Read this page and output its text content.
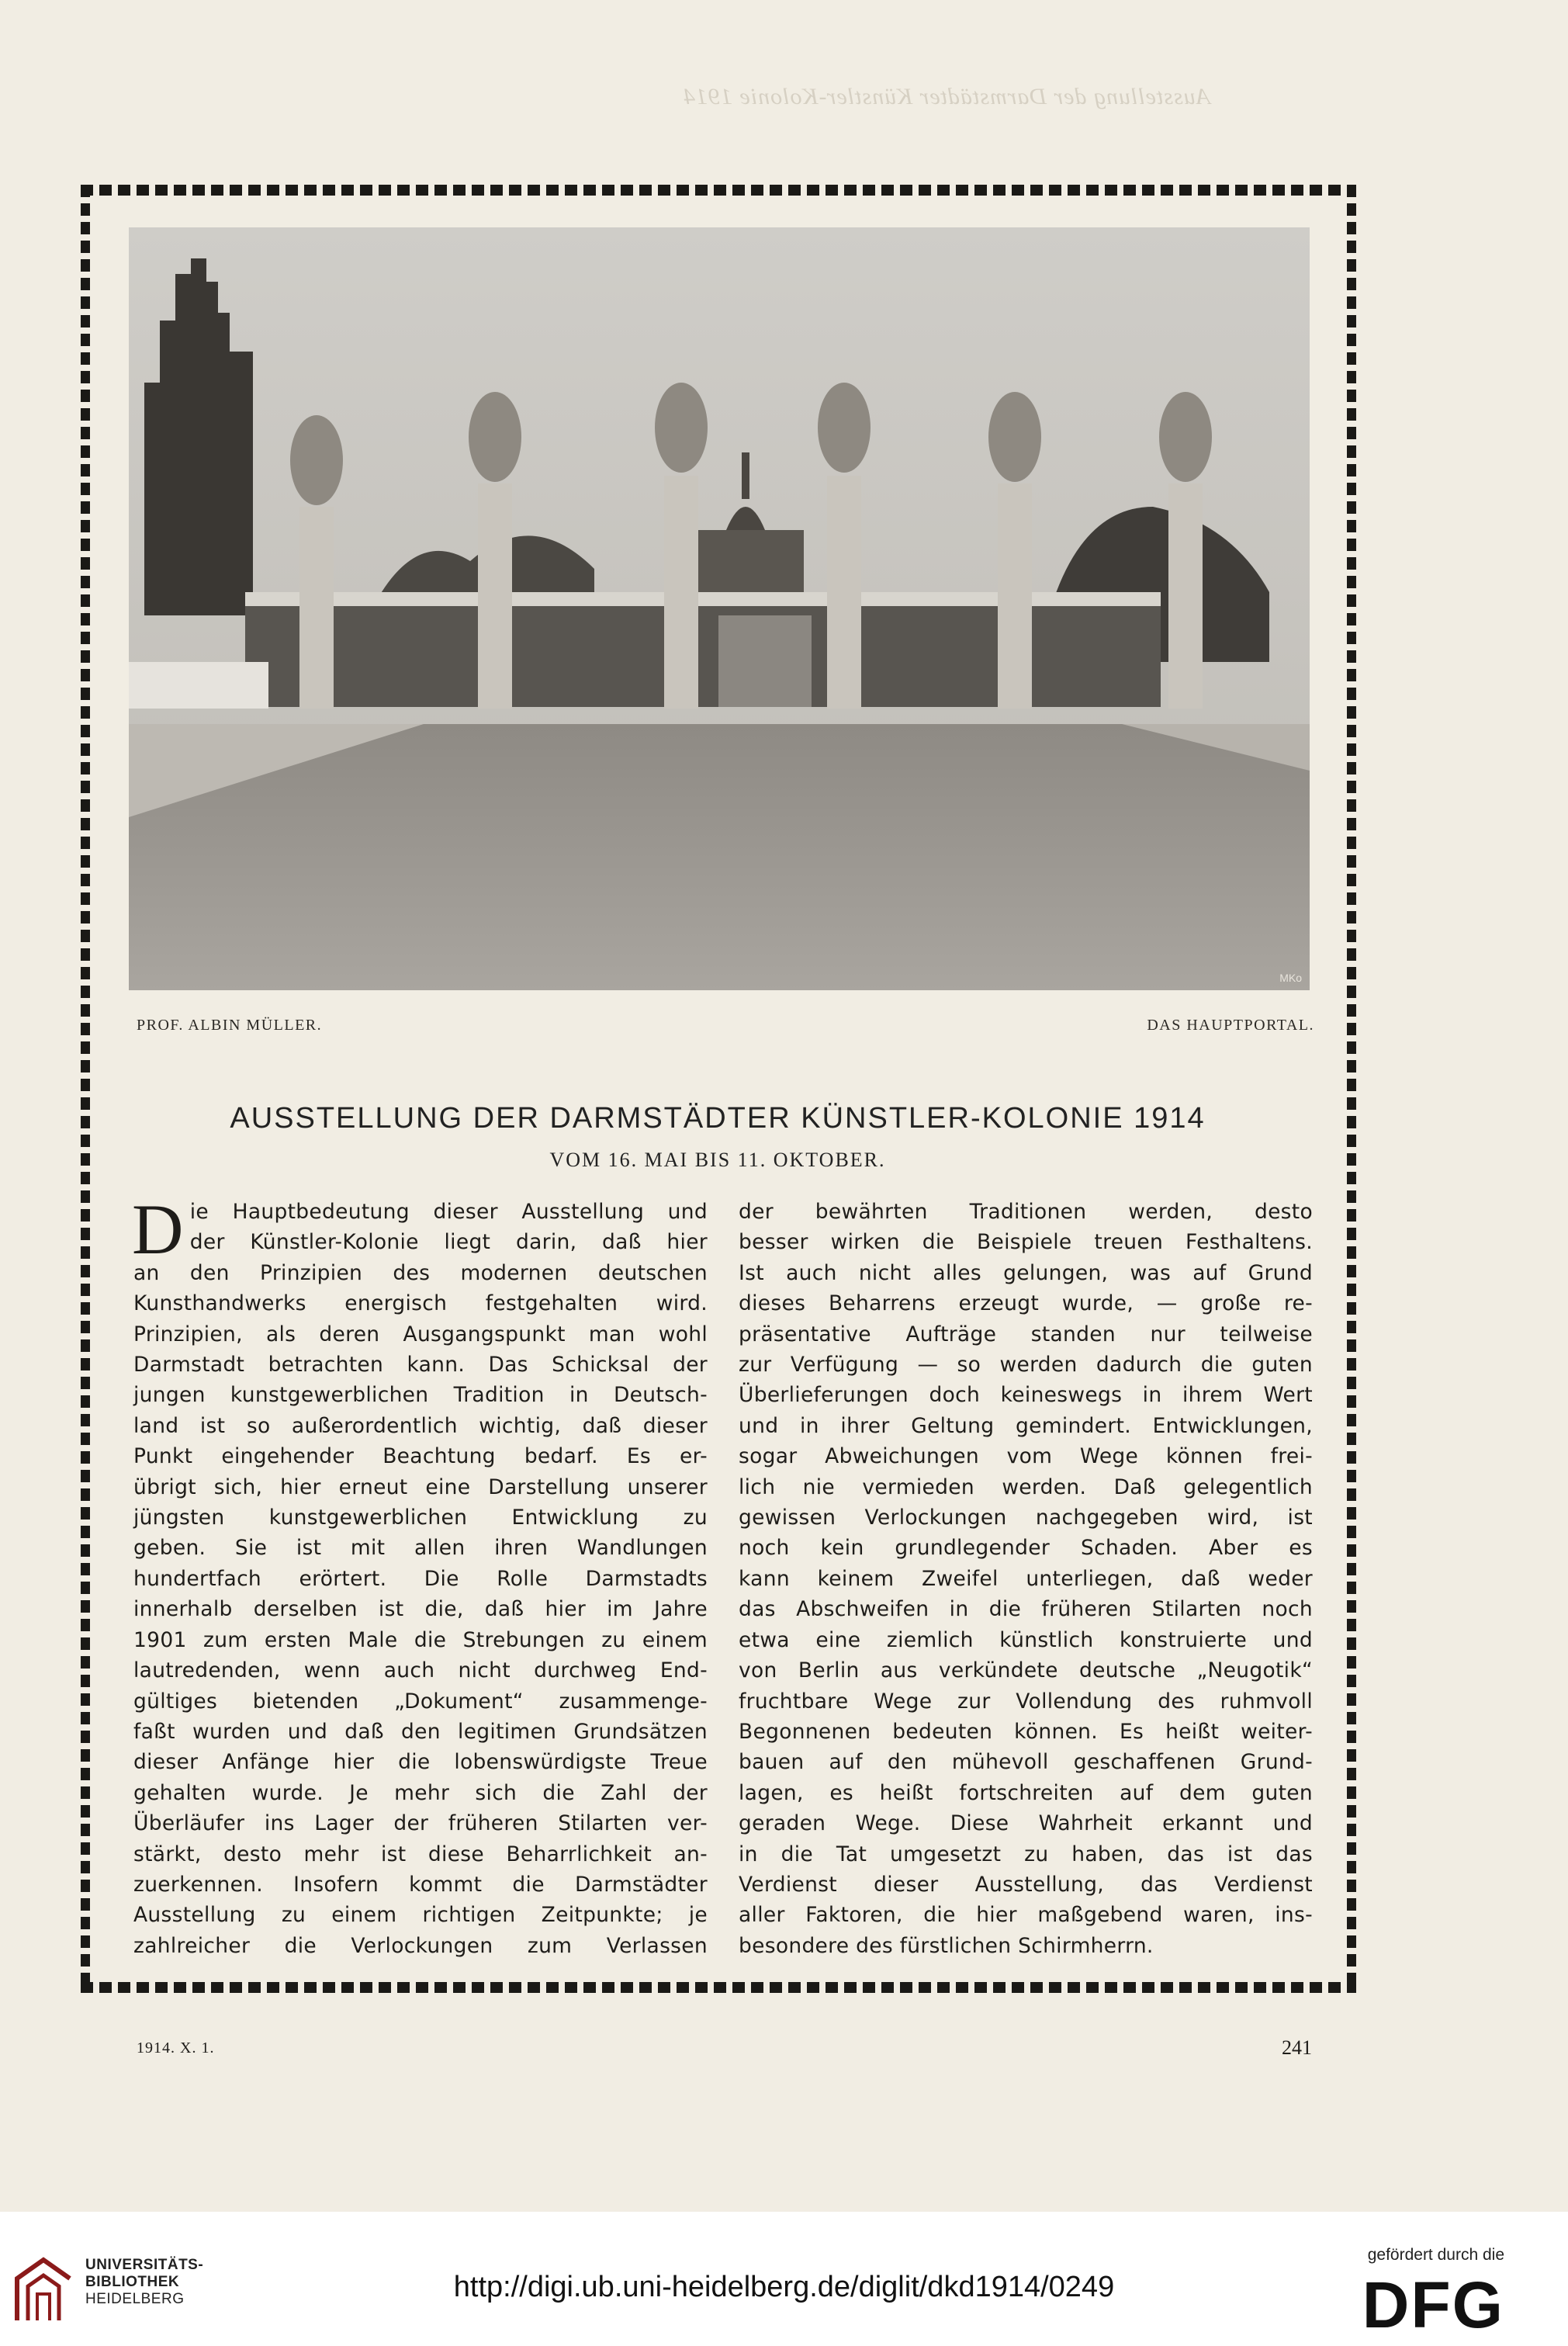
Ausstellung der Darmstädter Künstler-Kolonie 1914
MKo
PROF. ALBIN MÜLLER.	DAS HAUPTPORTAL.
AUSSTELLUNG DER DARMSTÄDTER KÜNSTLER-KOLONIE 1914
VOM 16. MAI BIS 11. OKTOBER.
D ie Hauptbedeutung dieser Ausstellung und
der Künstler-Kolonie liegt darin, daß hier
an den Prinzipien des modernen deutschen
Kunsthandwerks energisch festgehalten wird.
Prinzipien, als deren Ausgangspunkt man wohl
Darmstadt betrachten kann. Das Schicksal der
jungen kunstgewerblichen Tradition in Deutsch-
land ist so außerordentlich wichtig, daß dieser
Punkt eingehender Beachtung bedarf. Es er-
übrigt sich, hier erneut eine Darstellung unserer
jüngsten kunstgewerblichen Entwicklung zu
geben. Sie ist mit allen ihren Wandlungen
hundertfach erörtert. Die Rolle Darmstadts
innerhalb derselben ist die, daß hier im Jahre
1901 zum ersten Male die Strebungen zu einem
lautredenden, wenn auch nicht durchweg End-
gültiges bietenden „Dokument“ zusammenge-
faßt wurden und daß den legitimen Grundsätzen
dieser Anfänge hier die lobenswürdigste Treue
gehalten wurde. Je mehr sich die Zahl der
Überläufer ins Lager der früheren Stilarten ver-
stärkt, desto mehr ist diese Beharrlichkeit an-
zuerkennen. Insofern kommt die Darmstädter
Ausstellung zu einem richtigen Zeitpunkte; je
zahlreicher die Verlockungen zum Verlassen
der bewährten Traditionen werden, desto
besser wirken die Beispiele treuen Festhaltens.
Ist auch nicht alles gelungen, was auf Grund
dieses Beharrens erzeugt wurde, — große re-
präsentative Aufträge standen nur teilweise
zur Verfügung — so werden dadurch die guten
Überlieferungen doch keineswegs in ihrem Wert
und in ihrer Geltung gemindert. Entwicklungen,
sogar Abweichungen vom Wege können frei-
lich nie vermieden werden. Daß gelegentlich
gewissen Verlockungen nachgegeben wird, ist
noch kein grundlegender Schaden. Aber es
kann keinem Zweifel unterliegen, daß weder
das Abschweifen in die früheren Stilarten noch
etwa eine ziemlich künstlich konstruierte und
von Berlin aus verkündete deutsche „Neugotik“
fruchtbare Wege zur Vollendung des ruhmvoll
Begonnenen bedeuten können. Es heißt weiter-
bauen auf den mühevoll geschaffenen Grund-
lagen, es heißt fortschreiten auf dem guten
geraden Wege. Diese Wahrheit erkannt und
in die Tat umgesetzt zu haben, das ist das
Verdienst dieser Ausstellung, das Verdienst
aller Faktoren, die hier maßgebend waren, ins-
besondere des fürstlichen Schirmherrn.
1914. X. 1.	241
UNIVERSITÄTS-
BIBLIOTHEK
HEIDELBERG	http://digi.ub.uni-heidelberg.de/diglit/dkd1914/0249
gefördert durch die
DFG
